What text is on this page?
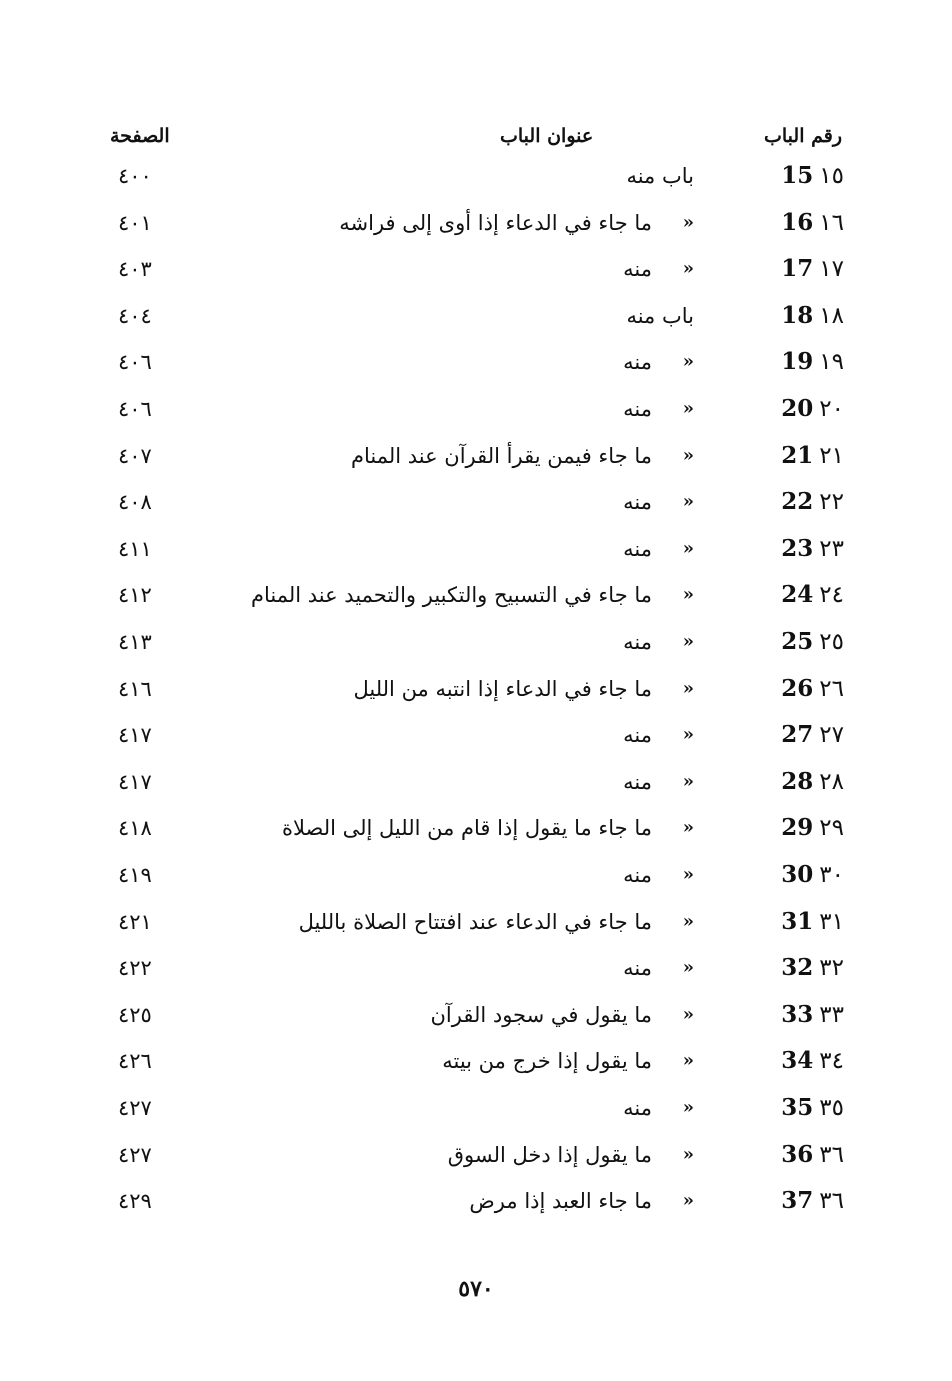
رقم الباب
عنوان الباب
الصفحة
15 ١٥
باب منه
٤٠٠
16 ١٦
»
ما جاء في الدعاء إذا أوى إلى فراشه
٤٠١
17 ١٧
»
منه
٤٠٣
18 ١٨
باب منه
٤٠٤
19 ١٩
»
منه
٤٠٦
20 ٢٠
»
منه
٤٠٦
21 ٢١
»
ما جاء فيمن يقرأ القرآن عند المنام
٤٠٧
22 ٢٢
»
منه
٤٠٨
23 ٢٣
»
منه
٤١١
24 ٢٤
»
ما جاء في التسبيح والتكبير والتحميد عند المنام
٤١٢
25 ٢٥
»
منه
٤١٣
26 ٢٦
»
ما جاء في الدعاء إذا انتبه من الليل
٤١٦
27 ٢٧
»
منه
٤١٧
28 ٢٨
»
منه
٤١٧
29 ٢٩
»
ما جاء ما يقول إذا قام من الليل إلى الصلاة
٤١٨
30 ٣٠
»
منه
٤١٩
31 ٣١
»
ما جاء في الدعاء عند افتتاح الصلاة بالليل
٤٢١
32 ٣٢
»
منه
٤٢٢
33 ٣٣
»
ما يقول في سجود القرآن
٤٢٥
34 ٣٤
»
ما يقول إذا خرج من بيته
٤٢٦
35 ٣٥
»
منه
٤٢٧
36 ٣٦
»
ما يقول إذا دخل السوق
٤٢٧
37 ٣٦
»
ما جاء العبد إذا مرض
٤٢٩
٥٧٠
